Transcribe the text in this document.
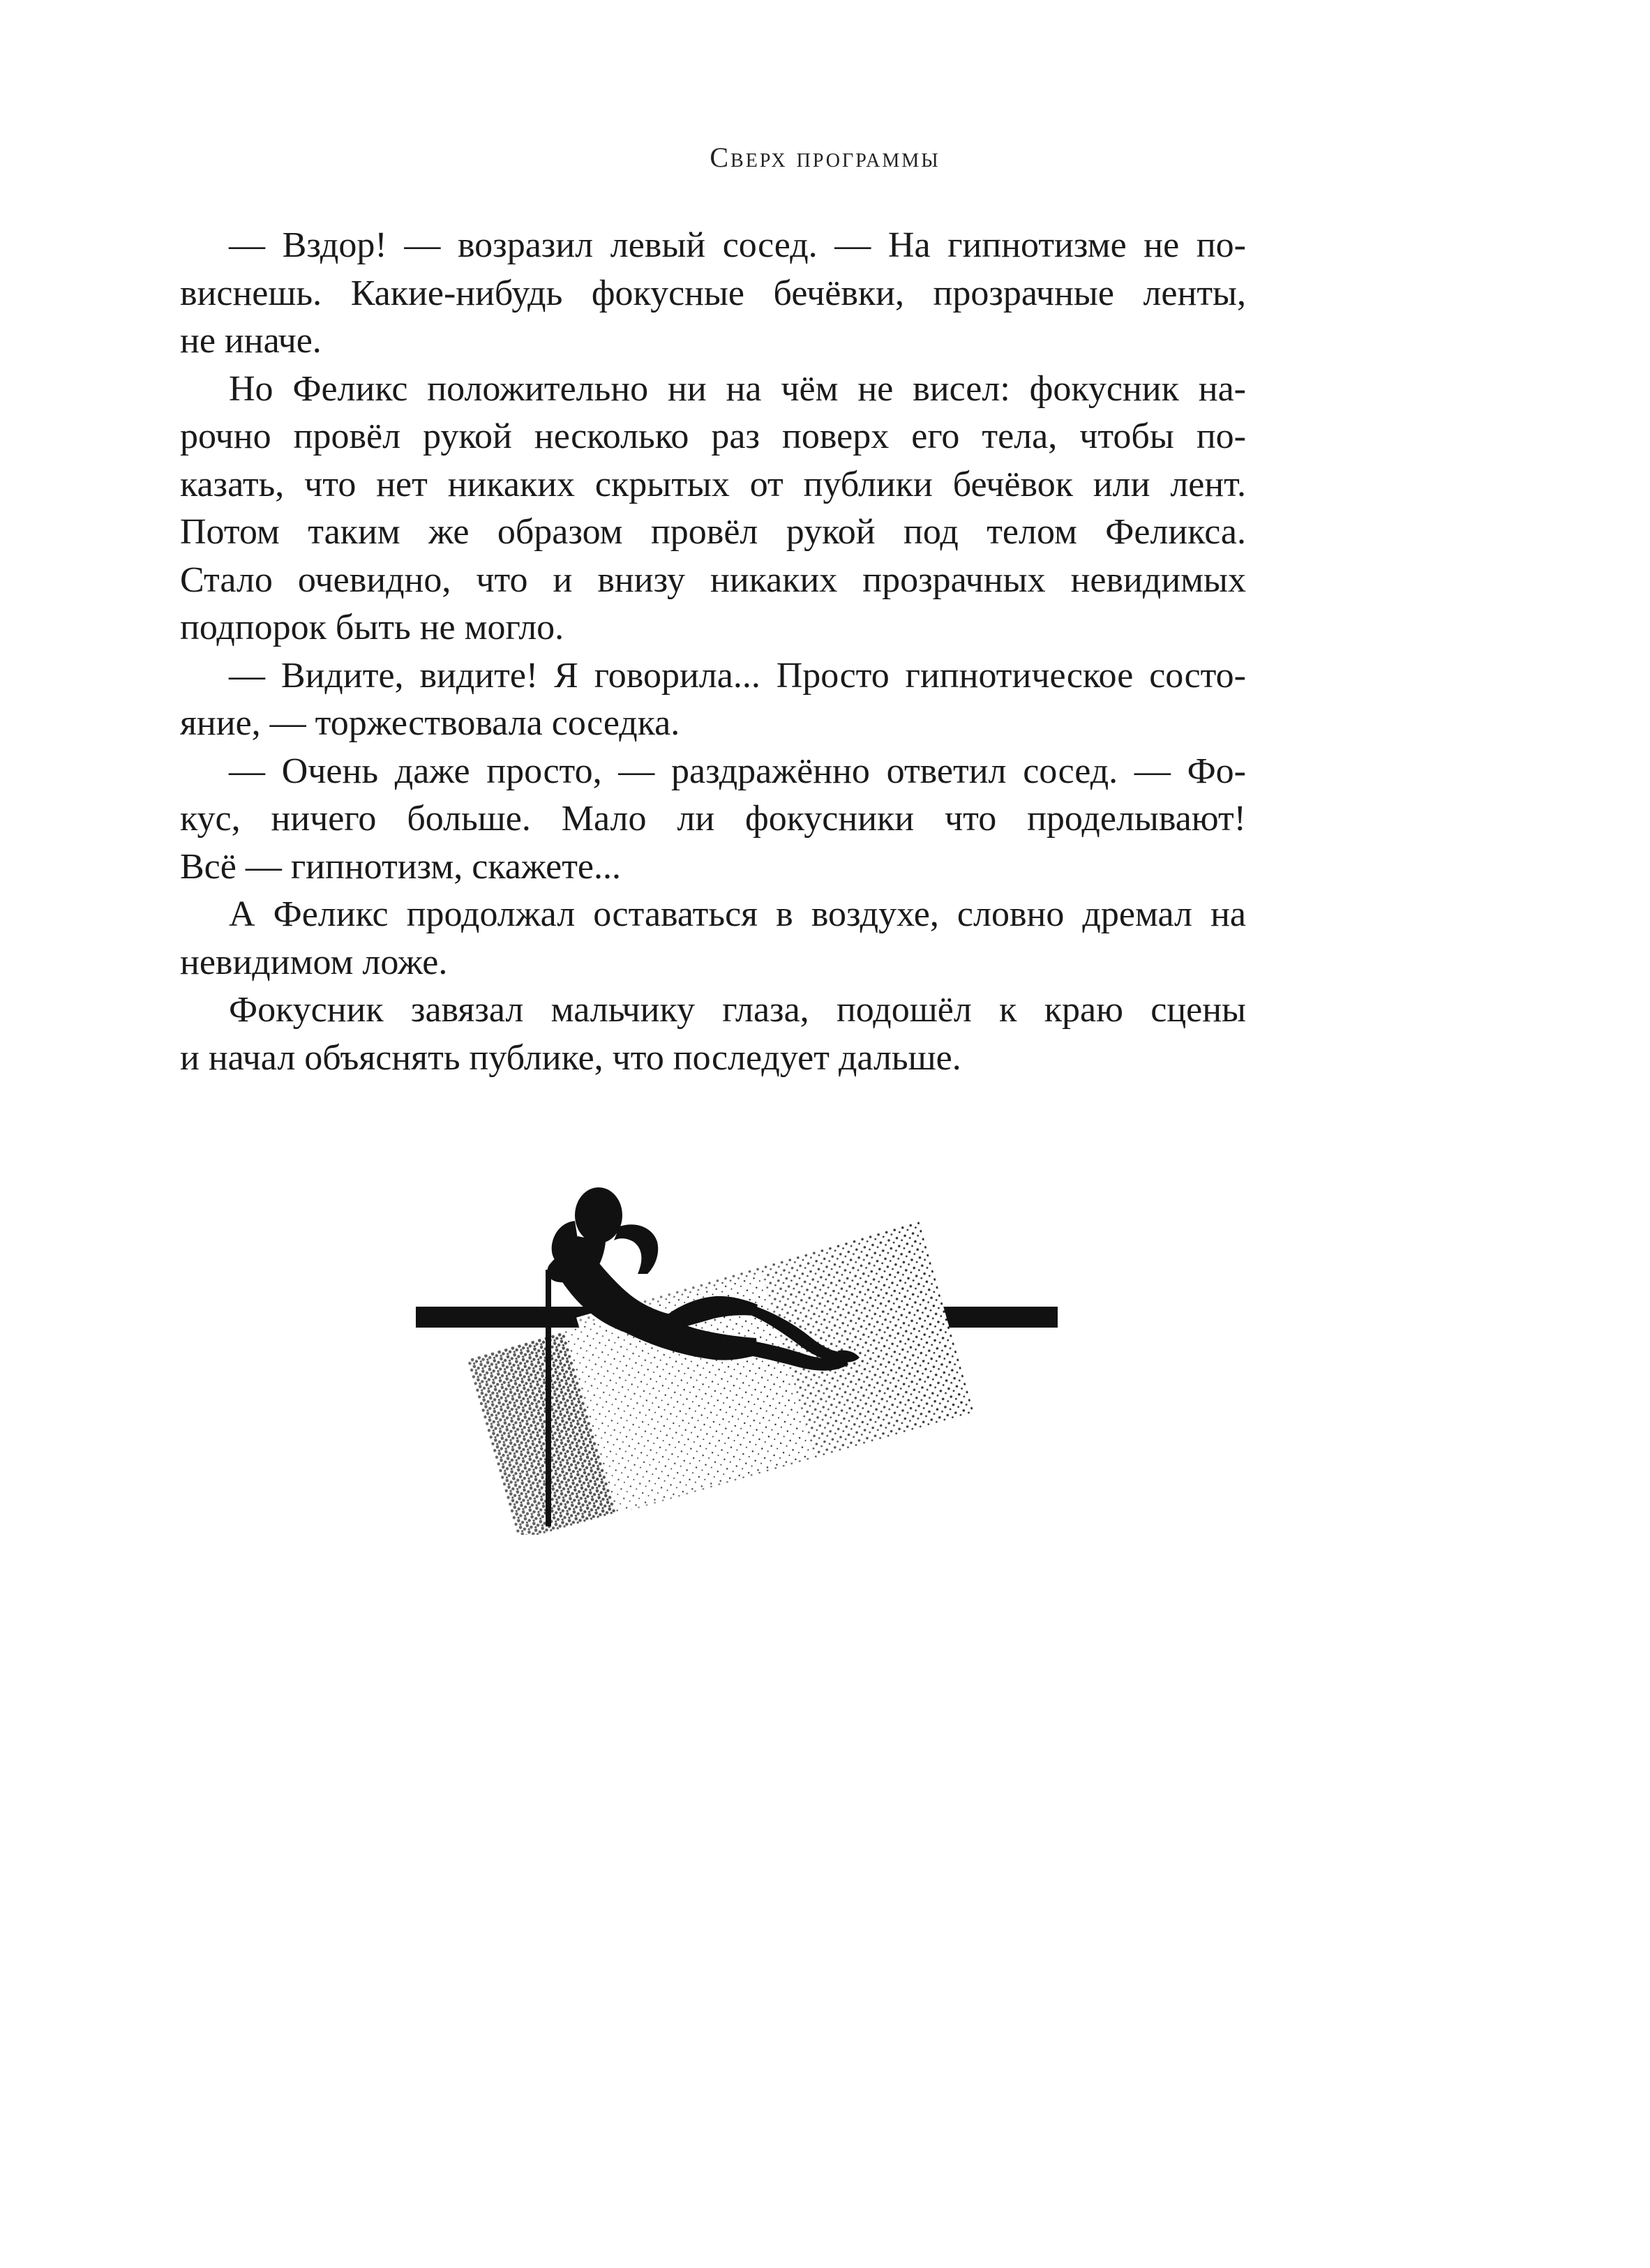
Сверх программы
— Вздор! — возразил левый сосед. — На гипнотизме не по-
виснешь. Какие-нибудь фокусные бечёвки, прозрачные ленты,
не иначе.
Но Феликс положительно ни на чём не висел: фокусник на-
рочно провёл рукой несколько раз поверх его тела, чтобы по-
казать, что нет никаких скрытых от публики бечёвок или лент.
Потом таким же образом провёл рукой под телом Феликса.
Стало очевидно, что и внизу никаких прозрачных невидимых
подпорок быть не могло.
— Видите, видите! Я говорила... Просто гипнотическое состо-
яние, — торжествовала соседка.
— Очень даже просто, — раздражённо ответил сосед. — Фо-
кус, ничего больше. Мало ли фокусники что проделывают!
Всё — гипнотизм, скажете...
А Феликс продолжал оставаться в воздухе, словно дремал на
невидимом ложе.
Фокусник завязал мальчику глаза, подошёл к краю сцены
и начал объяснять публике, что последует дальше.
